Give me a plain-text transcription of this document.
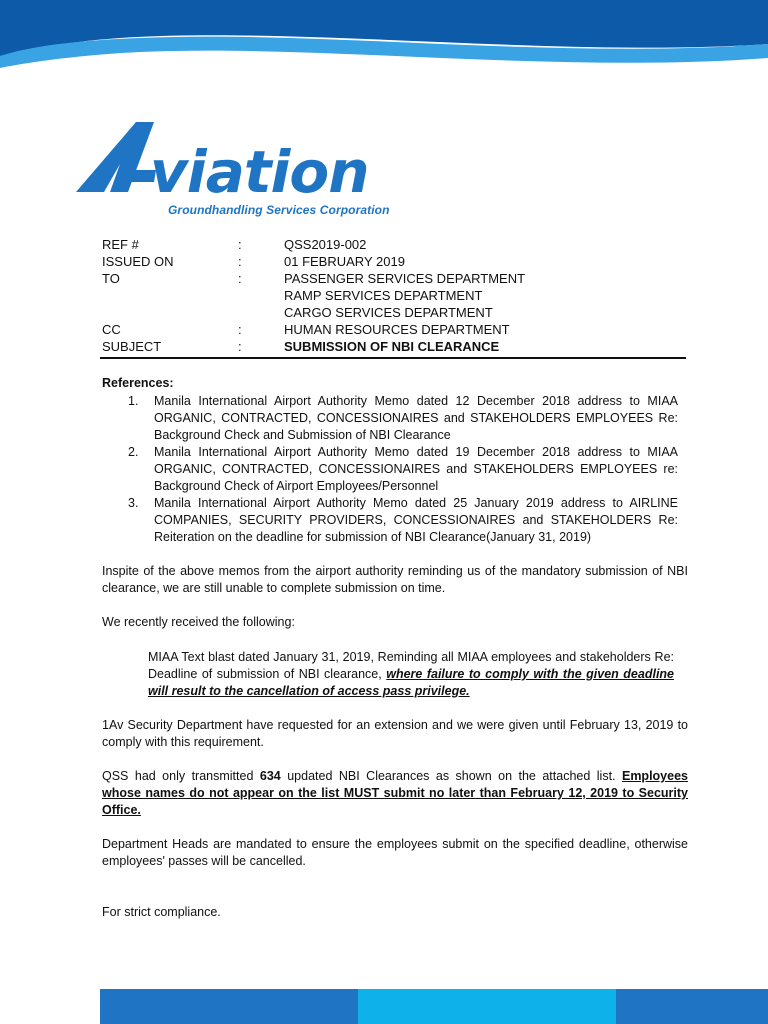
viation
Groundhandling Services Corporation
REF #	:	QSS2019-002
ISSUED ON	:	01 FEBRUARY 2019
TO	:	PASSENGER SERVICES DEPARTMENT
RAMP SERVICES DEPARTMENT
CARGO SERVICES DEPARTMENT
CC	:	HUMAN RESOURCES DEPARTMENT
SUBJECT	:	SUBMISSION OF NBI CLEARANCE

References:

1.	Manila International Airport Authority Memo dated 12 December 2018 address to MIAA ORGANIC, CONTRACTED, CONCESSIONAIRES and STAKEHOLDERS EMPLOYEES Re: Background Check and Submission of NBI Clearance
2.	Manila International Airport Authority Memo dated 19 December 2018 address to MIAA ORGANIC, CONTRACTED, CONCESSIONAIRES and STAKEHOLDERS EMPLOYEES re: Background Check of Airport Employees/Personnel
3.	Manila International Airport Authority Memo dated 25 January 2019 address to AIRLINE COMPANIES, SECURITY PROVIDERS, CONCESSIONAIRES and STAKEHOLDERS Re: Reiteration on the deadline for submission of NBI Clearance(January 31, 2019)

Inspite of the above memos from the airport authority reminding us of the mandatory submission of NBI clearance, we are still unable to complete submission on time.

We recently received the following:

MIAA Text blast dated January 31, 2019, Reminding all MIAA employees and stakeholders Re: Deadline of submission of NBI clearance, where failure to comply with the given deadline will result to the cancellation of access pass privilege.

1Av Security Department have requested for an extension and we were given until February 13, 2019 to comply with this requirement.

QSS had only transmitted 634 updated NBI Clearances as shown on the attached list. Employees whose names do not appear on the list MUST submit no later than February 12, 2019 to Security Office.

Department Heads are mandated to ensure the employees submit on the specified deadline, otherwise employees' passes will be cancelled.

For strict compliance.
